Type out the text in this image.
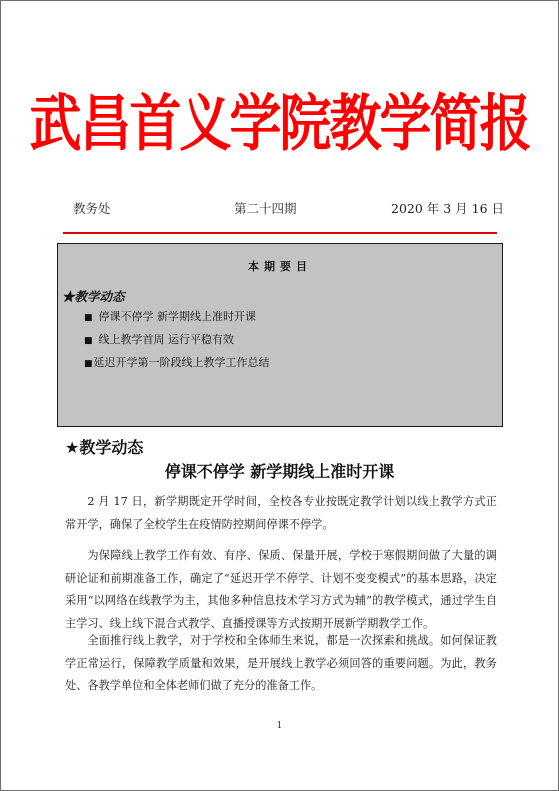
武昌首义学院教学简报
教务处	第二十四期	2020 年 3 月 16 日
本期要目
★教学动态
■ 停课不停学 新学期线上准时开课
■ 线上教学首周 运行平稳有效
■延迟开学第一阶段线上教学工作总结
★教学动态
停课不停学 新学期线上准时开课

2 月 17 日，新学期既定开学时间，全校各专业按既定教学计划以线上教学方式正常开学，确保了全校学生在疫情防控期间停课不停学。

为保障线上教学工作有效、有序、保质、保量开展，学校于寒假期间做了大量的调研论证和前期准备工作，确定了“延迟开学不停学、计划不变变模式”的基本思路，决定采用“以网络在线教学为主，其他多种信息技术学习方式为辅”的教学模式，通过学生自主学习、线上线下混合式教学、直播授课等方式按期开展新学期教学工作。

全面推行线上教学，对于学校和全体师生来说，都是一次探索和挑战。如何保证教学正常运行，保障教学质量和效果，是开展线上教学必须回答的重要问题。为此，教务处、各教学单位和全体老师们做了充分的准备工作。

1
